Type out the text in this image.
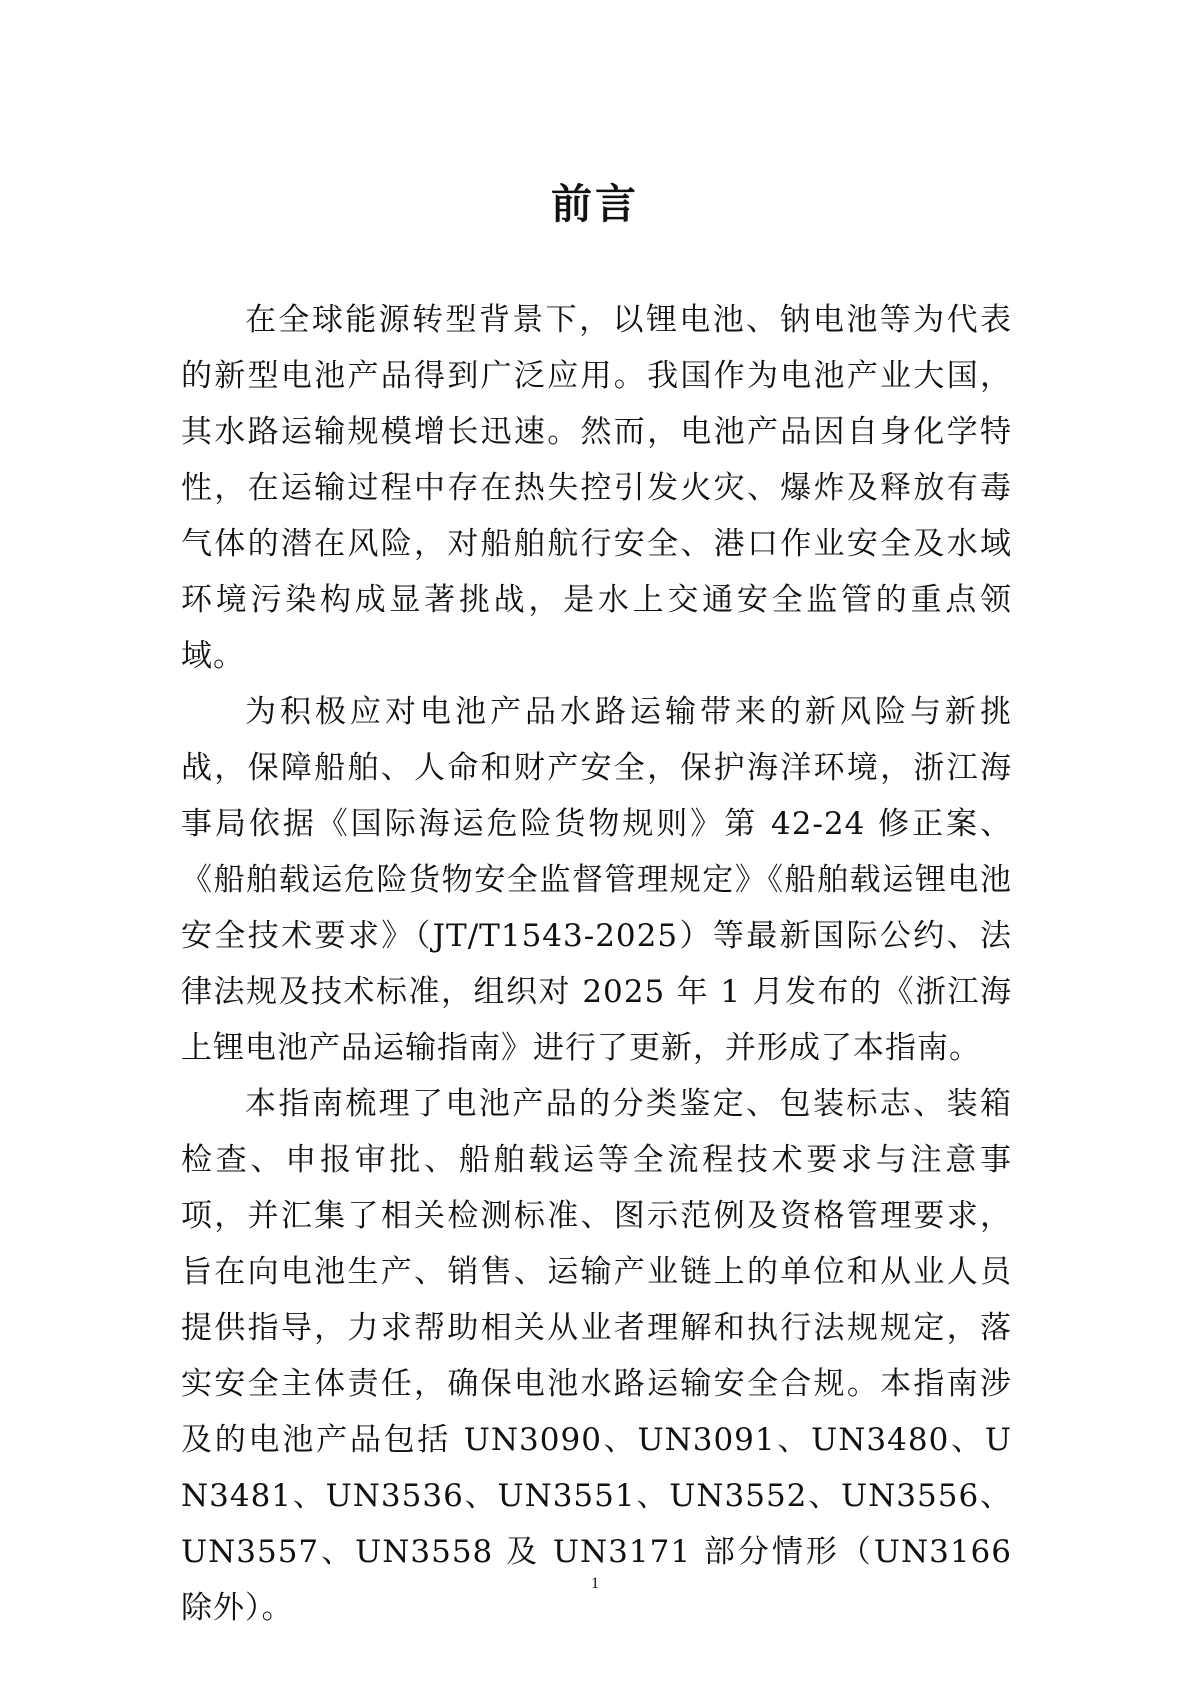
前言

在全球能源转型背景下，以锂电池、钠电池等为代表的新型电池产品得到广泛应用。我国作为电池产业大国，其水路运输规模增长迅速。然而，电池产品因自身化学特性，在运输过程中存在热失控引发火灾、爆炸及释放有毒气体的潜在风险，对船舶航行安全、港口作业安全及水域环境污染构成显著挑战，是水上交通安全监管的重点领域。

为积极应对电池产品水路运输带来的新风险与新挑战，保障船舶、人命和财产安全，保护海洋环境，浙江海事局依据《国际海运危险货物规则》第 42-24 修正案、《船舶载运危险货物安全监督管理规定》《船舶载运锂电池安全技术要求》（JT/T1543-2025）等最新国际公约、法律法规及技术标准，组织对 2025 年 1 月发布的《浙江海上锂电池产品运输指南》进行了更新，并形成了本指南。

本指南梳理了电池产品的分类鉴定、包装标志、装箱检查、申报审批、船舶载运等全流程技术要求与注意事项，并汇集了相关检测标准、图示范例及资格管理要求，旨在向电池生产、销售、运输产业链上的单位和从业人员提供指导，力求帮助相关从业者理解和执行法规规定，落实安全主体责任，确保电池水路运输安全合规。本指南涉及的电池产品包括 UN3090、UN3091、UN3480、UN3481、UN3536、UN3551、UN3552、UN3556、UN3557、UN3558 及 UN3171 部分情形（UN3166 除外）。

1
